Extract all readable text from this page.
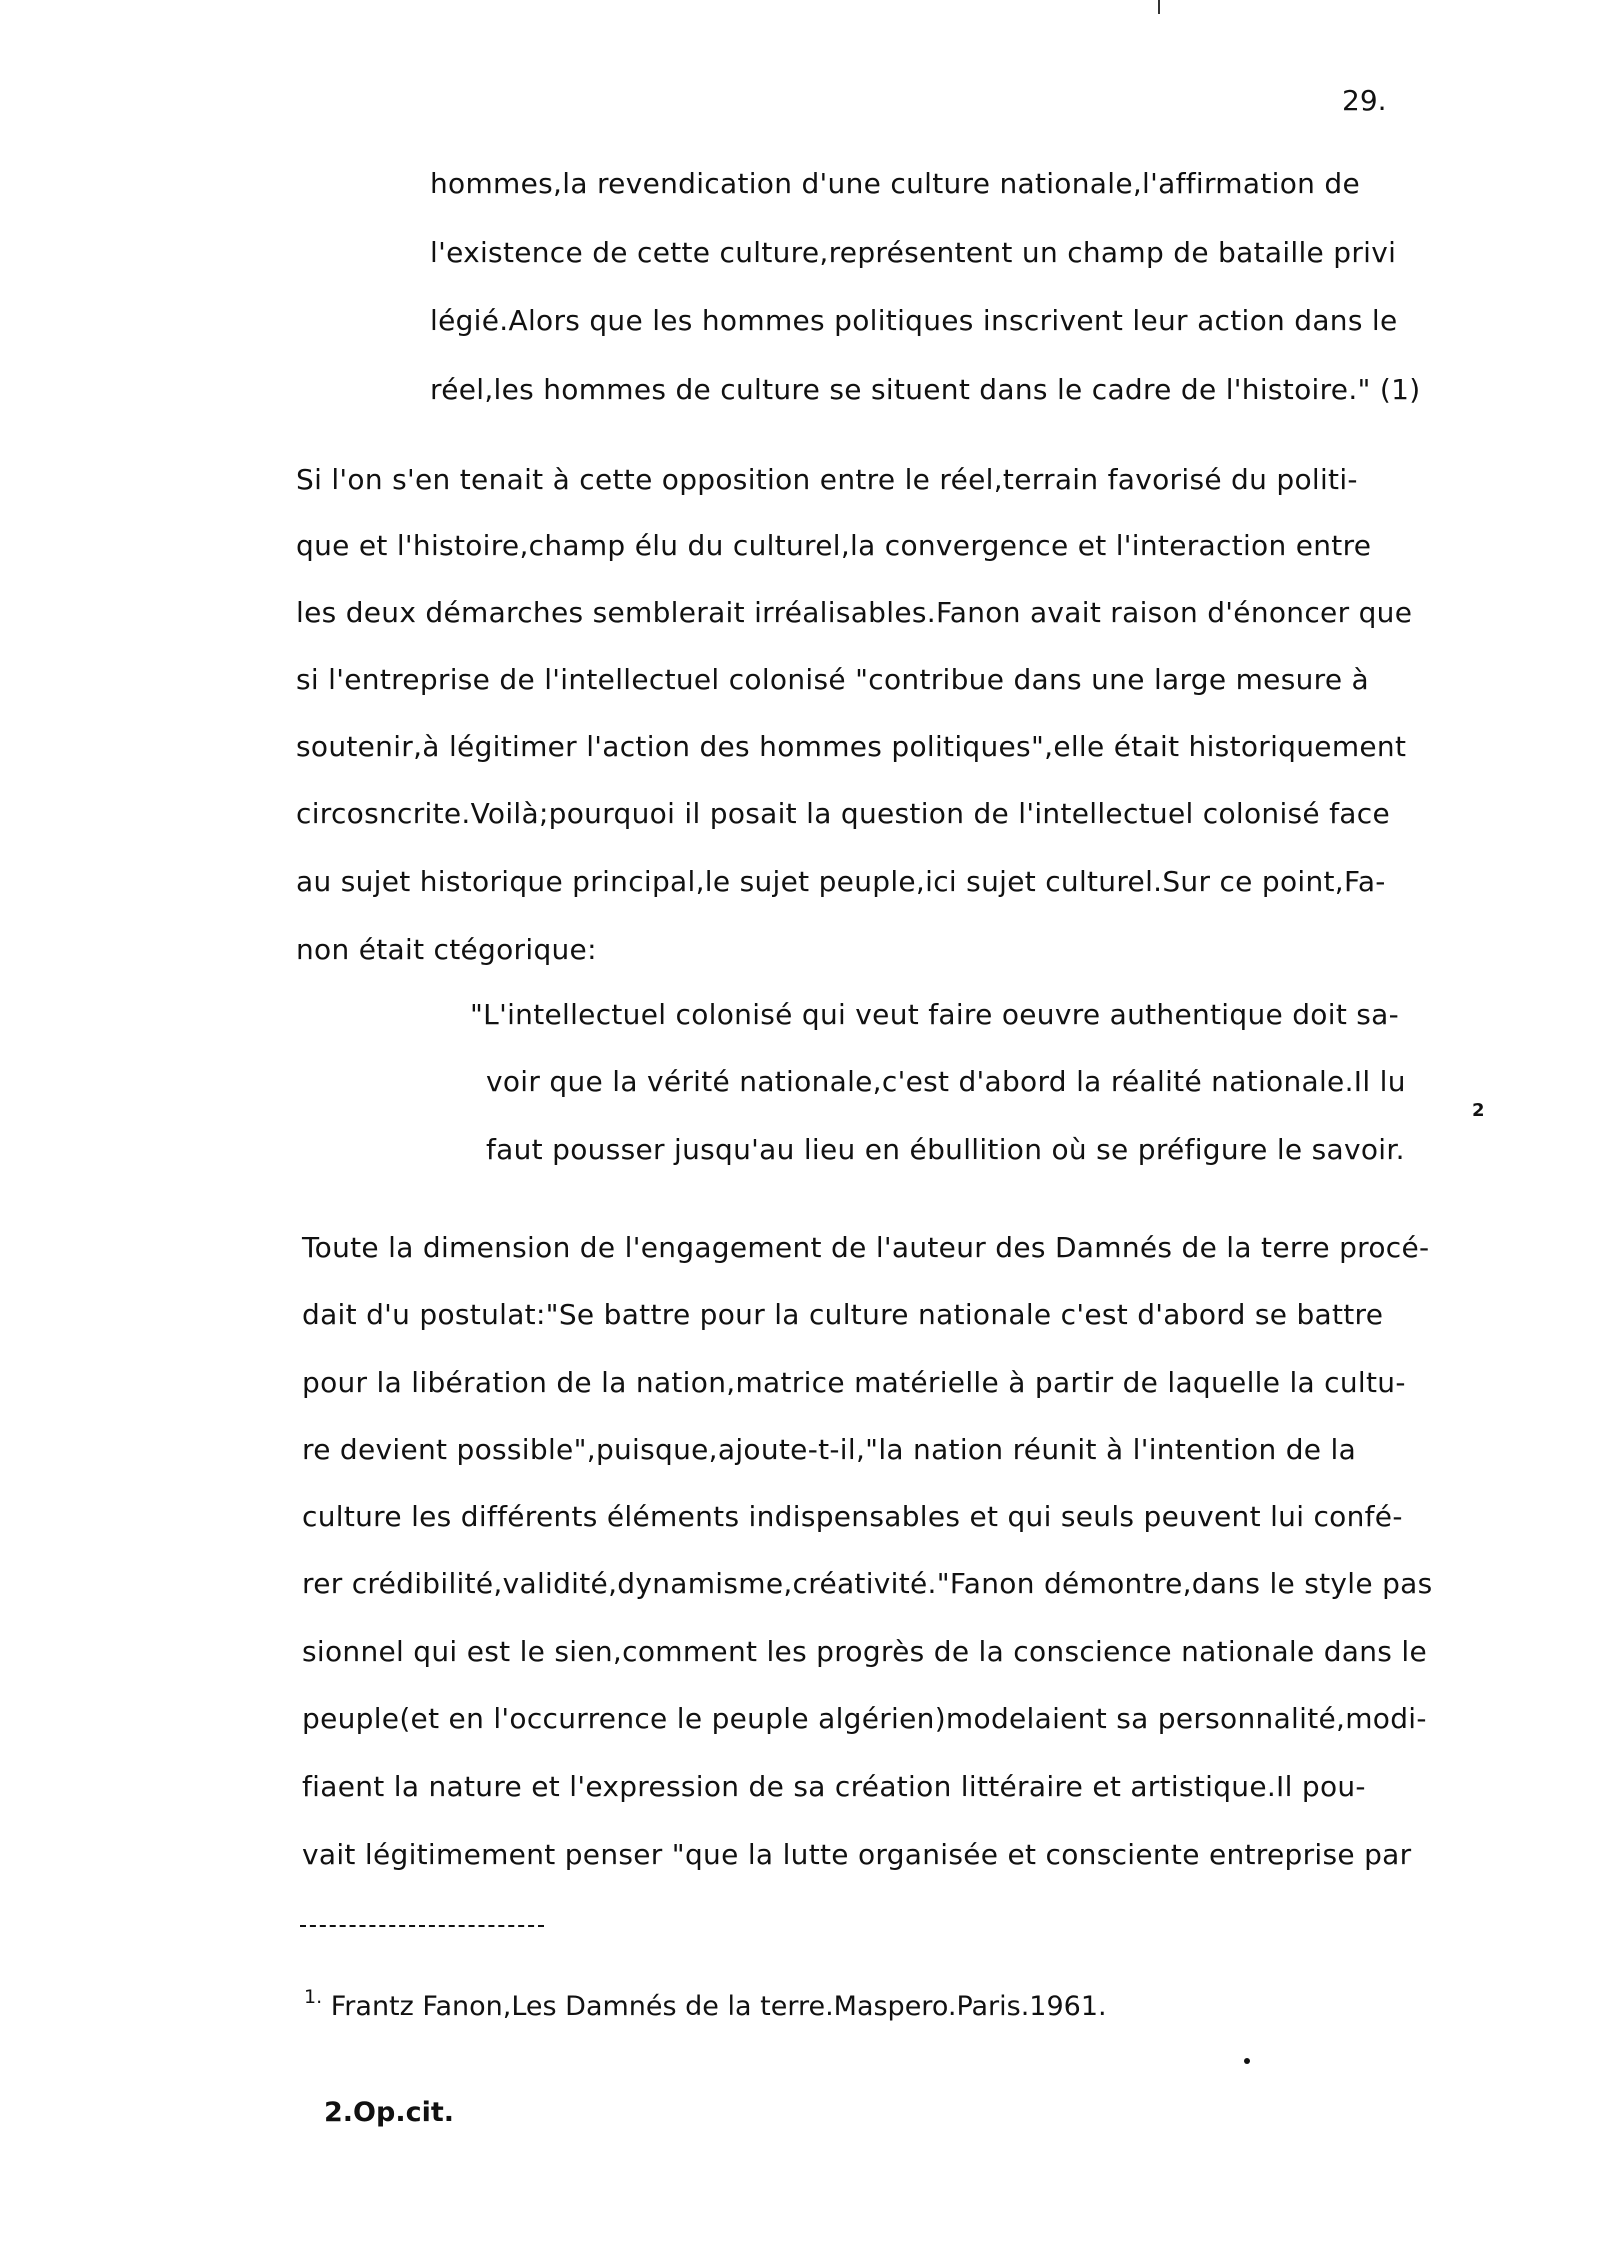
29.

hommes,la revendication d'une culture nationale,l'affirmation de

l'existence de cette culture,représentent un champ de bataille privi

légié.Alors que les hommes politiques inscrivent leur action dans le

réel,les hommes de culture se situent dans le cadre de l'histoire." (1)

Si l'on s'en tenait à cette opposition entre le réel,terrain favorisé du politi-

que et l'histoire,champ élu du culturel,la convergence et l'interaction entre

les deux démarches semblerait irréalisables.Fanon avait raison d'énoncer que

si l'entreprise de l'intellectuel colonisé "contribue dans une large mesure à

soutenir,à légitimer l'action des hommes politiques",elle était historiquement

circosncrite.Voilà;pourquoi il posait la question de l'intellectuel colonisé face

au sujet historique principal,le sujet peuple,ici sujet culturel.Sur ce point,Fa-

non était ctégorique:

"L'intellectuel colonisé qui veut faire oeuvre authentique doit sa-

voir que la vérité nationale,c'est d'abord la réalité nationale.Il lu

faut pousser jusqu'au lieu en ébullition où se préfigure le savoir.

2

Toute la dimension de l'engagement de l'auteur des Damnés de la terre procé-

dait d'u postulat:"Se battre pour la culture nationale c'est d'abord se battre

pour la libération de la nation,matrice matérielle à partir de laquelle la cultu-

re devient possible",puisque,ajoute-t-il,"la nation réunit à l'intention de la

culture les différents éléments indispensables et qui seuls peuvent lui confé-

rer crédibilité,validité,dynamisme,créativité."Fanon démontre,dans le style pas

sionnel qui est le sien,comment les progrès de la conscience nationale dans le

peuple(et en l'occurrence le peuple algérien)modelaient sa personnalité,modi-

fiaent la nature et l'expression de sa création littéraire et artistique.Il pou-

vait légitimement penser "que la lutte organisée et consciente entreprise par

$^{1.}$ Frantz Fanon,Les Damnés de la terre.Maspero.Paris.1961.

2.Op.cit.
